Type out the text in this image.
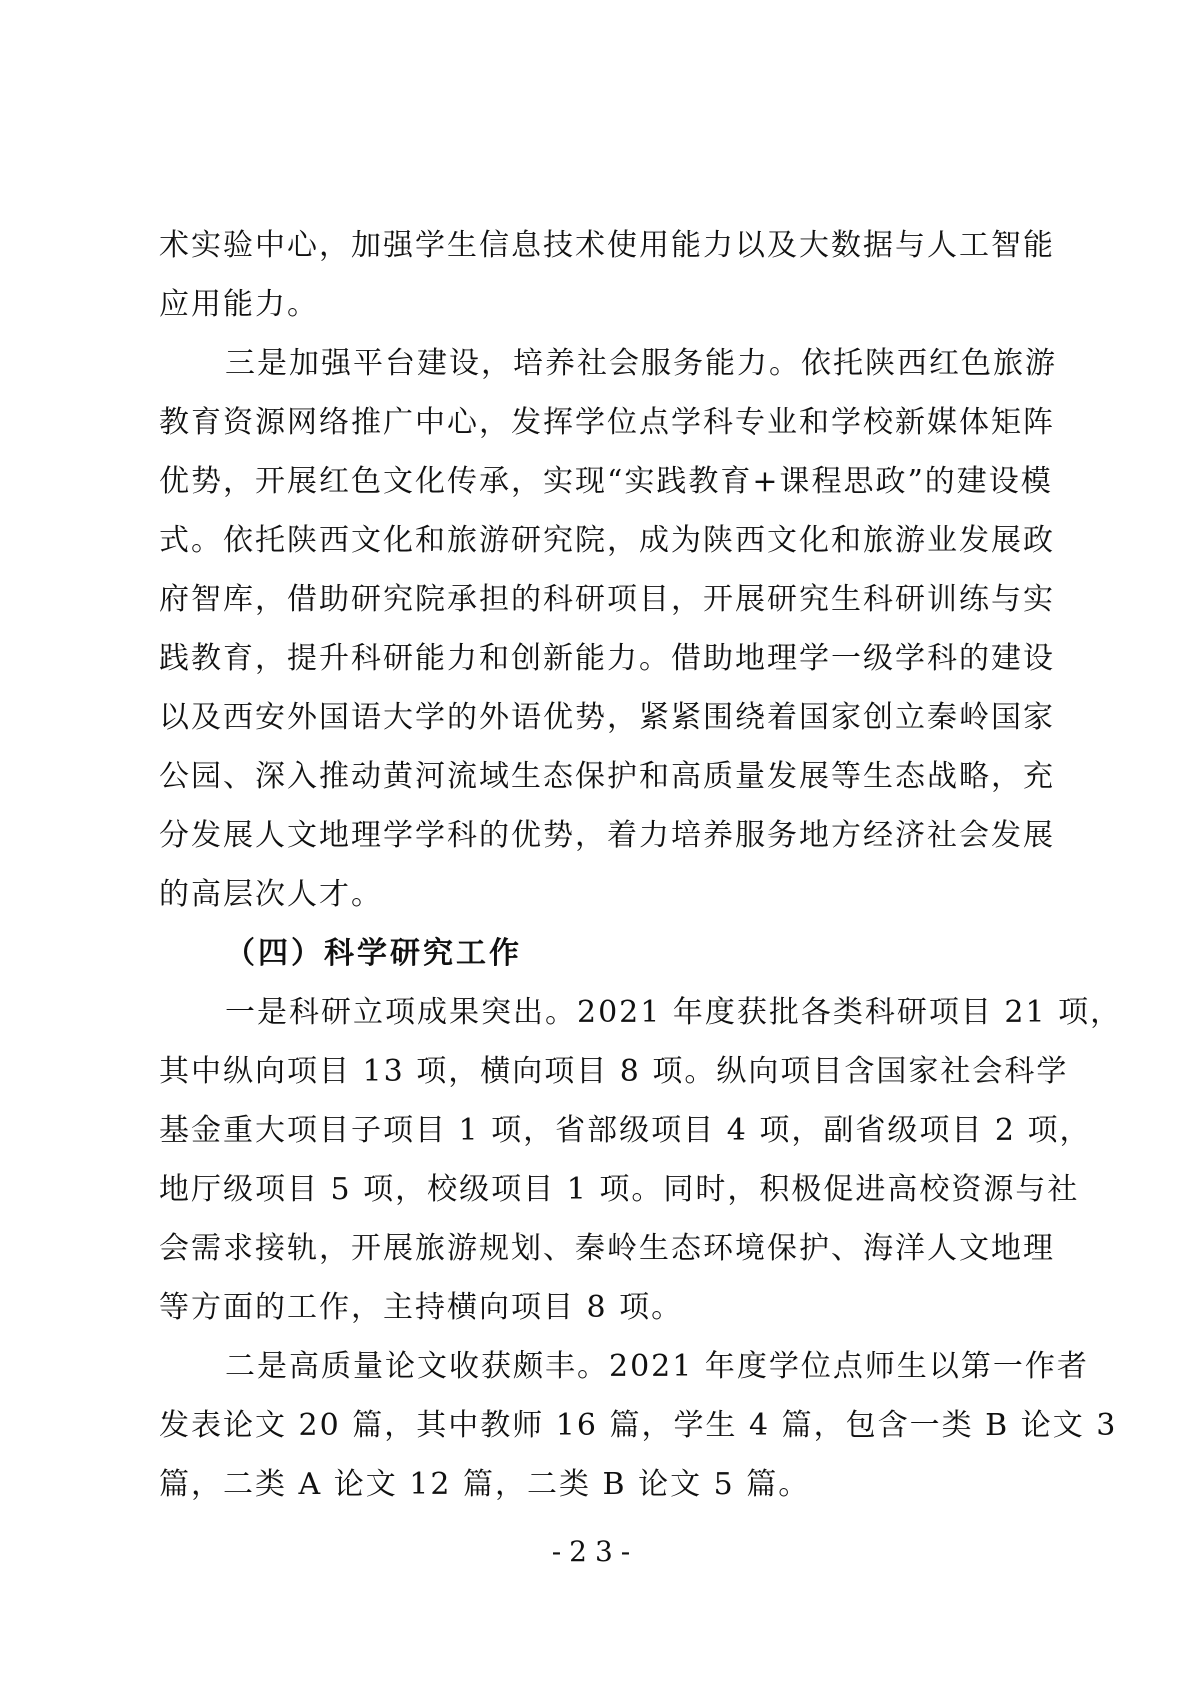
术实验中心，加强学生信息技术使用能力以及大数据与人工智能
应用能力。
三是加强平台建设，培养社会服务能力。依托陕西红色旅游
教育资源网络推广中心，发挥学位点学科专业和学校新媒体矩阵
优势，开展红色文化传承，实现“实践教育+课程思政”的建设模
式。依托陕西文化和旅游研究院，成为陕西文化和旅游业发展政
府智库，借助研究院承担的科研项目，开展研究生科研训练与实
践教育，提升科研能力和创新能力。借助地理学一级学科的建设
以及西安外国语大学的外语优势，紧紧围绕着国家创立秦岭国家
公园、深入推动黄河流域生态保护和高质量发展等生态战略，充
分发展人文地理学学科的优势，着力培养服务地方经济社会发展
的高层次人才。
（四）科学研究工作
一是科研立项成果突出。2021 年度获批各类科研项目 21 项，
其中纵向项目 13 项，横向项目 8 项。纵向项目含国家社会科学
基金重大项目子项目 1 项，省部级项目 4 项，副省级项目 2 项，
地厅级项目 5 项，校级项目 1 项。同时，积极促进高校资源与社
会需求接轨，开展旅游规划、秦岭生态环境保护、海洋人文地理
等方面的工作，主持横向项目 8 项。
二是高质量论文收获颇丰。2021 年度学位点师生以第一作者
发表论文 20 篇，其中教师 16 篇，学生 4 篇，包含一类 B 论文 3
篇，二类 A 论文 12 篇，二类 B 论文 5 篇。
-23-
